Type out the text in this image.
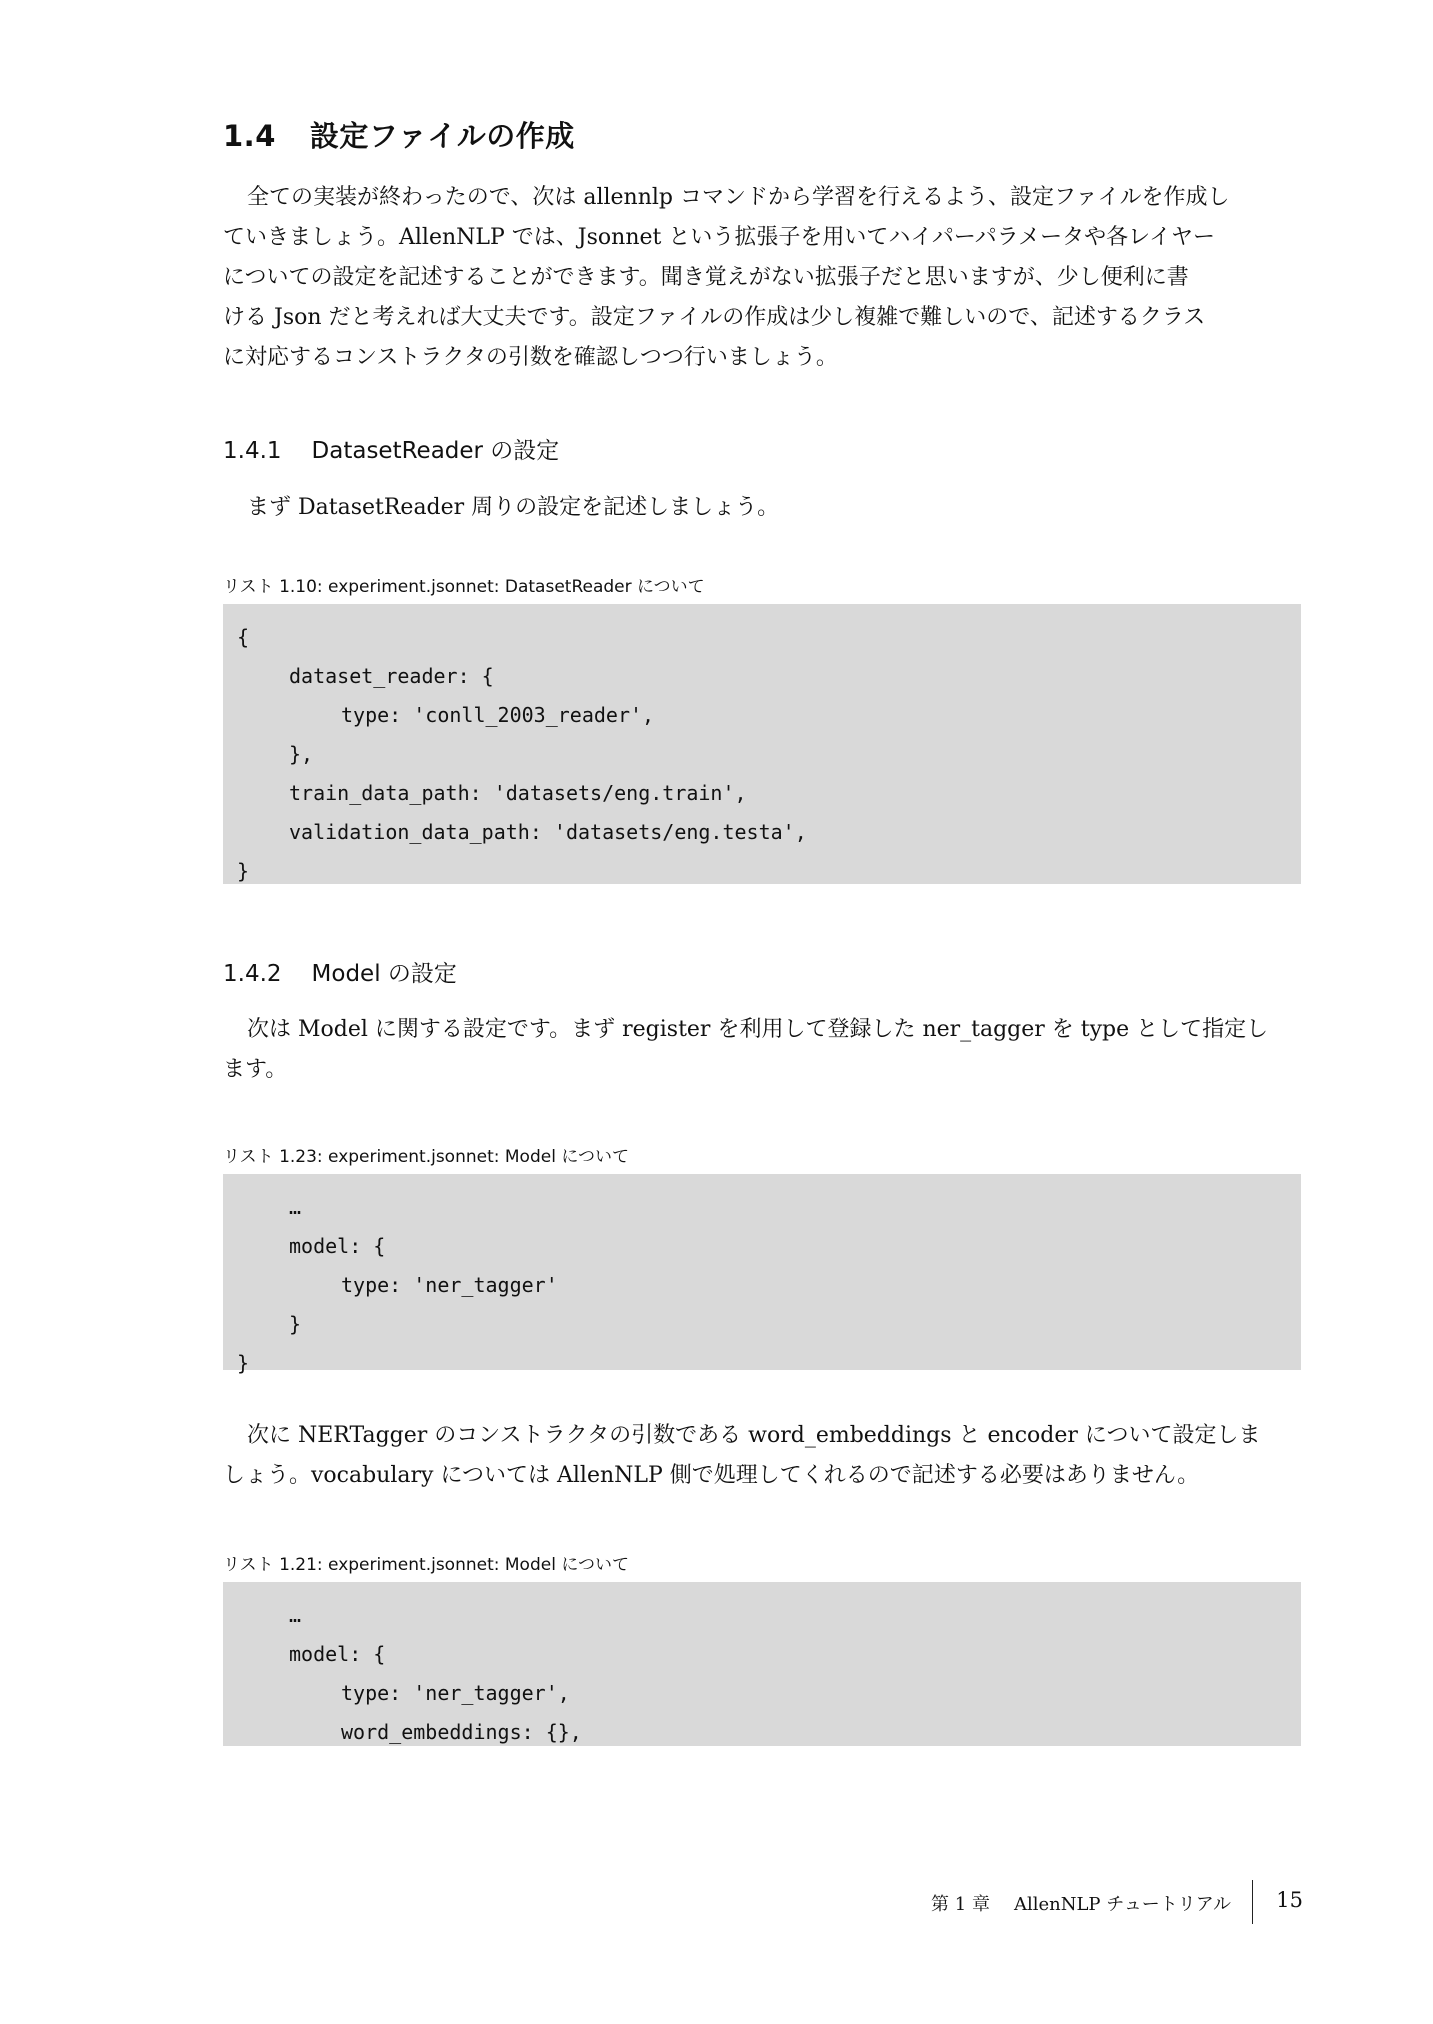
1.4 設定ファイルの作成

全ての実装が終わったので、次は allennlp コマンドから学習を行えるよう、設定ファイルを作成し

ていきましょう。AllenNLP では、Jsonnet という拡張子を用いてハイパーパラメータや各レイヤー

についての設定を記述することができます。聞き覚えがない拡張子だと思いますが、少し便利に書

ける Json だと考えれば大丈夫です。設定ファイルの作成は少し複雑で難しいので、記述するクラス

に対応するコンストラクタの引数を確認しつつ行いましょう。

1.4.1 DatasetReader の設定

まず DatasetReader 周りの設定を記述しましょう。

リスト 1.10: experiment.jsonnet: DatasetReader について
{
dataset_reader: {
type: 'conll_2003_reader',
},
train_data_path: 'datasets/eng.train',
validation_data_path: 'datasets/eng.testa',
}
1.4.2 Model の設定

次は Model に関する設定です。まず register を利用して登録した ner_tagger を type として指定し

ます。

リスト 1.23: experiment.jsonnet: Model について
…
model: {
type: 'ner_tagger'
}
}

次に NERTagger のコンストラクタの引数である word_embeddings と encoder について設定しま

しょう。vocabulary については AllenNLP 側で処理してくれるので記述する必要はありません。

リスト 1.21: experiment.jsonnet: Model について
…
model: {
type: 'ner_tagger',
word_embeddings: {},
第 1 章 AllenNLP チュートリアル 15
